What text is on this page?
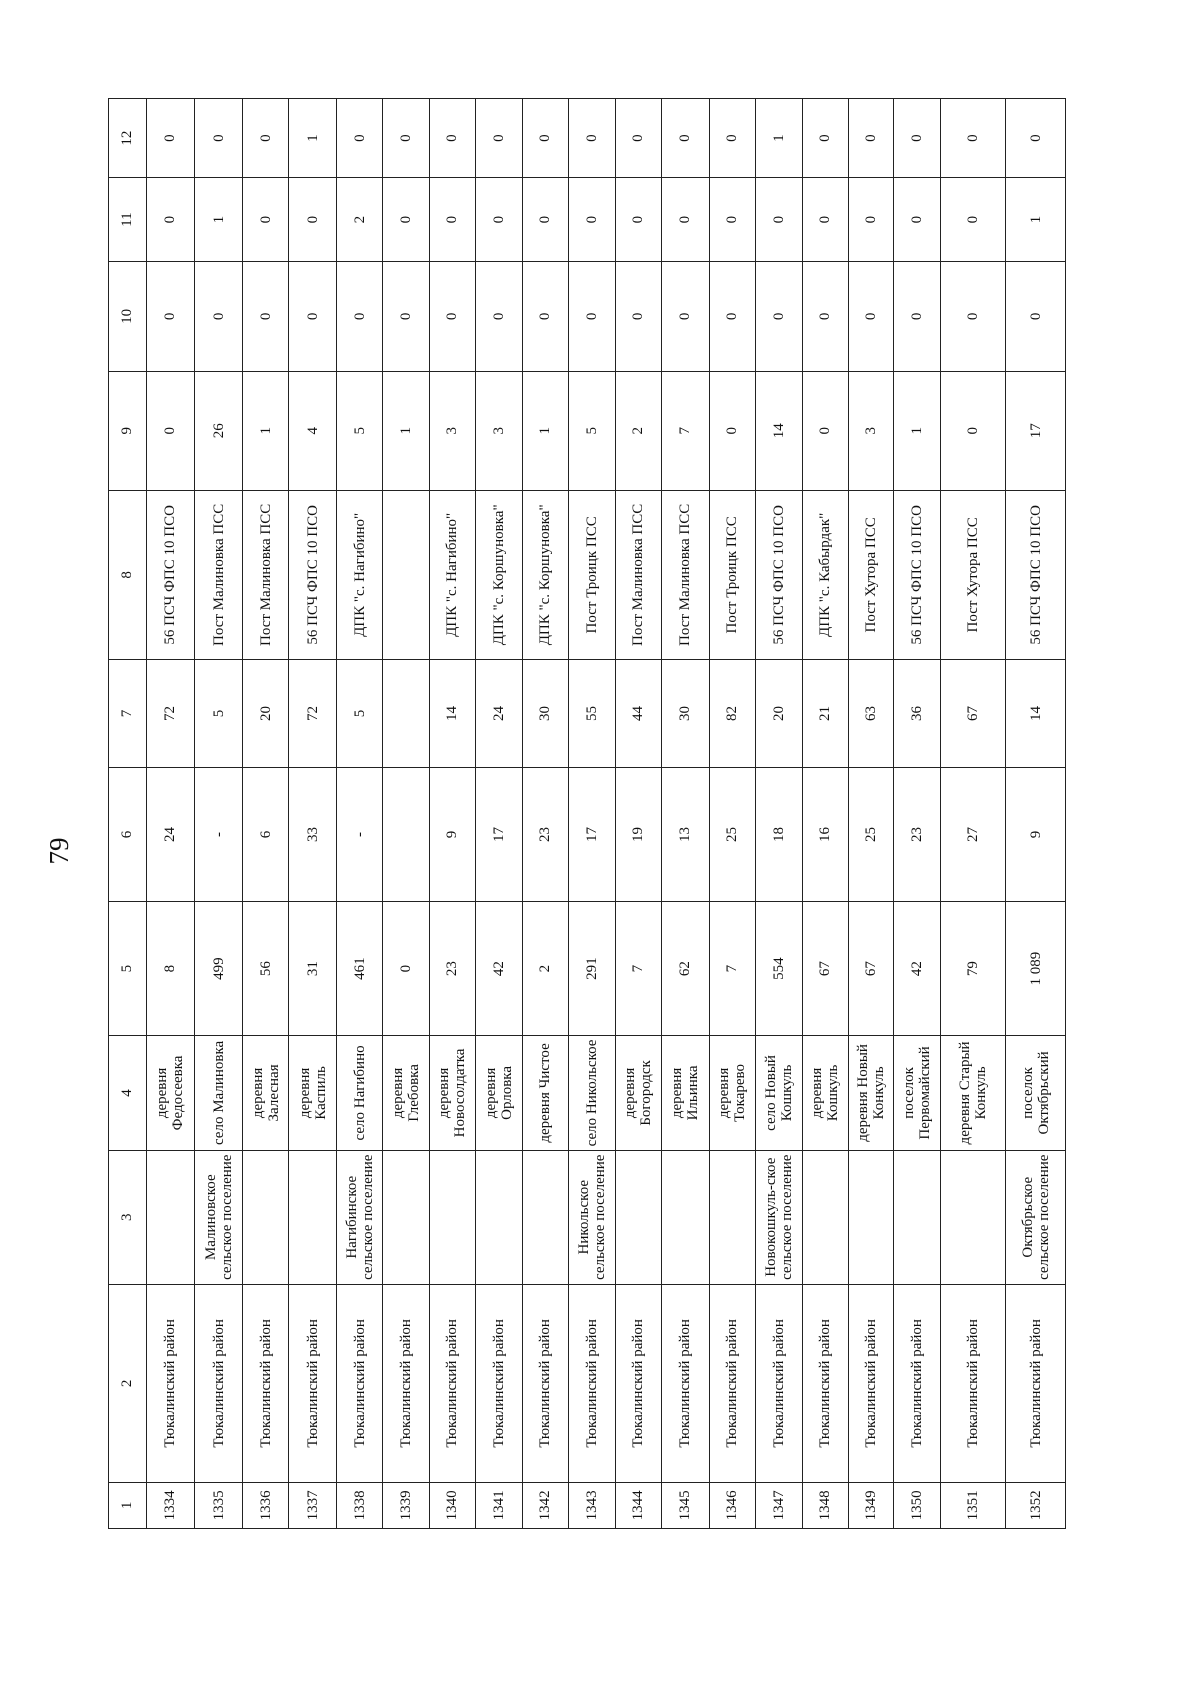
79
1	2	3	4	5	6	7	8	9	10	11	12
1334	Тюкалинский район		деревня Федосеевка	8	24	72	56 ПСЧ ФПС 10 ПСО	0	0	0	0
1335	Тюкалинский район	Малиновское сельское поселение	село Малиновка	499	-	5	Пост Малиновка ПСС	26	0	1	0
1336	Тюкалинский район		деревня Залесная	56	6	20	Пост Малиновка ПСС	1	0	0	0
1337	Тюкалинский район		деревня Каспиль	31	33	72	56 ПСЧ ФПС 10 ПСО	4	0	0	1
1338	Тюкалинский район	Нагибинское сельское поселение	село Нагибино	461	-	5	ДПК "с. Нагибино"	5	0	2	0
1339	Тюкалинский район		деревня Глебовка	0				1	0	0	0
1340	Тюкалинский район		деревня Новосолдатка	23	9	14	ДПК "с. Нагибино"	3	0	0	0
1341	Тюкалинский район		деревня Орловка	42	17	24	ДПК "с. Коршуновка"	3	0	0	0
1342	Тюкалинский район		деревня Чистое	2	23	30	ДПК "с. Коршуновка"	1	0	0	0
1343	Тюкалинский район	Никольское сельское поселение	село Никольское	291	17	55	Пост Троицк ПСС	5	0	0	0
1344	Тюкалинский район		деревня Богородск	7	19	44	Пост Малиновка ПСС	2	0	0	0
1345	Тюкалинский район		деревня Ильинка	62	13	30	Пост Малиновка ПСС	7	0	0	0
1346	Тюкалинский район		деревня Токарево	7	25	82	Пост Троицк ПСС	0	0	0	0
1347	Тюкалинский район	Новокошкуль-ское сельское поселение	село Новый Кошкуль	554	18	20	56 ПСЧ ФПС 10 ПСО	14	0	0	1
1348	Тюкалинский район		деревня Кошкуль	67	16	21	ДПК "с. Кабырдак"	0	0	0	0
1349	Тюкалинский район		деревня Новый Конкуль	67	25	63	Пост Хутора ПСС	3	0	0	0
1350	Тюкалинский район		поселок Первомайский	42	23	36	56 ПСЧ ФПС 10 ПСО	1	0	0	0
1351	Тюкалинский район		деревня Старый Конкуль	79	27	67	Пост Хутора ПСС	0	0	0	0
1352	Тюкалинский район	Октябрьское сельское поселение	поселок Октябрьский	1 089	9	14	56 ПСЧ ФПС 10 ПСО	17	0	1	0
